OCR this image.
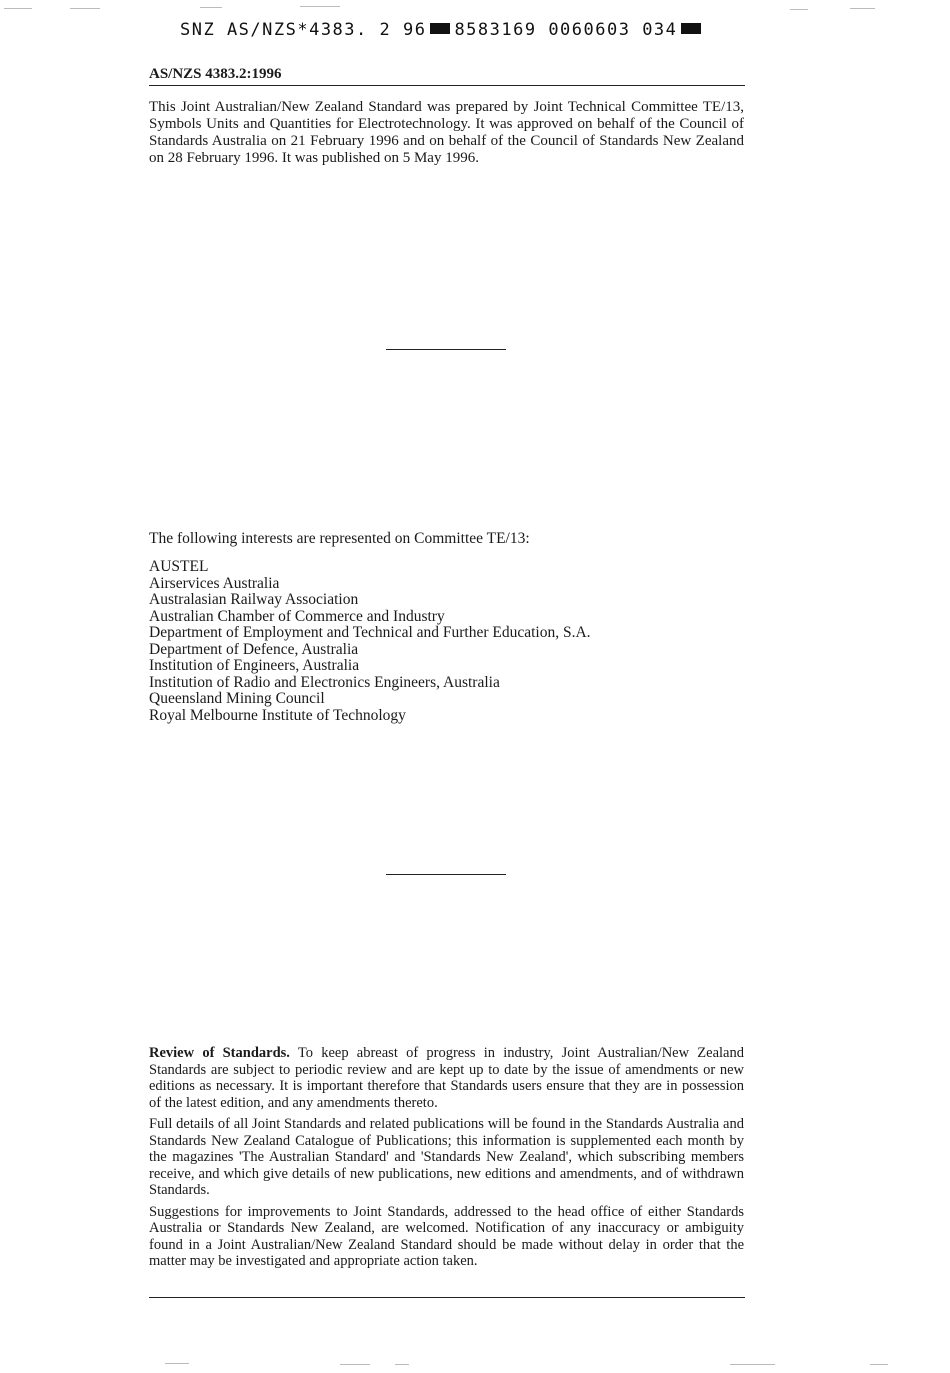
SNZ AS/NZS*4383. 2 96 8583169 0060603 034
AS/NZS 4383.2:1996

This Joint Australian/New Zealand Standard was prepared by Joint Technical Committee TE/13, Symbols Units and Quantities for Electrotechnology. It was approved on behalf of the Council of Standards Australia on 21 February 1996 and on behalf of the Council of Standards New Zealand on 28 February 1996. It was published on 5 May 1996.

The following interests are represented on Committee TE/13:
AUSTEL
Airservices Australia
Australasian Railway Association
Australian Chamber of Commerce and Industry
Department of Employment and Technical and Further Education, S.A.
Department of Defence, Australia
Institution of Engineers, Australia
Institution of Radio and Electronics Engineers, Australia
Queensland Mining Council
Royal Melbourne Institute of Technology

Review of Standards. To keep abreast of progress in industry, Joint Australian/New Zealand Standards are subject to periodic review and are kept up to date by the issue of amendments or new editions as necessary. It is important therefore that Standards users ensure that they are in possession of the latest edition, and any amendments thereto.

Full details of all Joint Standards and related publications will be found in the Standards Australia and Standards New Zealand Catalogue of Publications; this information is supplemented each month by the magazines 'The Australian Standard' and 'Standards New Zealand', which subscribing members receive, and which give details of new publications, new editions and amendments, and of withdrawn Standards.

Suggestions for improvements to Joint Standards, addressed to the head office of either Standards Australia or Standards New Zealand, are welcomed. Notification of any inaccuracy or ambiguity found in a Joint Australian/New Zealand Standard should be made without delay in order that the matter may be investigated and appropriate action taken.
